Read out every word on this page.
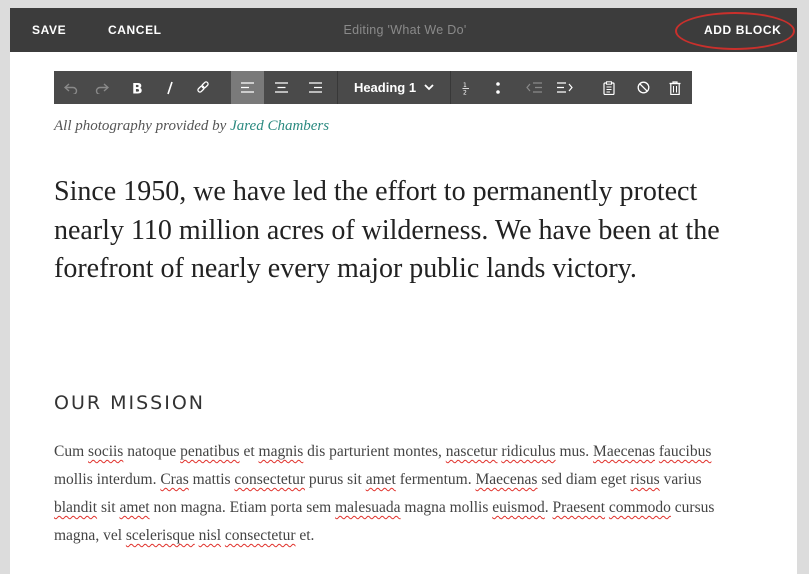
SAVE	CANCEL	Editing 'What We Do'	ADD BLOCK
B	Heading 1	1
2
All photography provided by Jared Chambers
Since 1950, we have led the effort to permanently protect nearly 110 million acres of wilderness. We have been at the forefront of nearly every major public lands victory.
OUR MISSION
Cum sociis natoque penatibus et magnis dis parturient montes, nascetur ridiculus mus. Maecenas faucibus mollis interdum. Cras mattis consectetur purus sit amet fermentum. Maecenas sed diam eget risus varius blandit sit amet non magna. Etiam porta sem malesuada magna mollis euismod. Praesent commodo cursus magna, vel scelerisque nisl consectetur et.
